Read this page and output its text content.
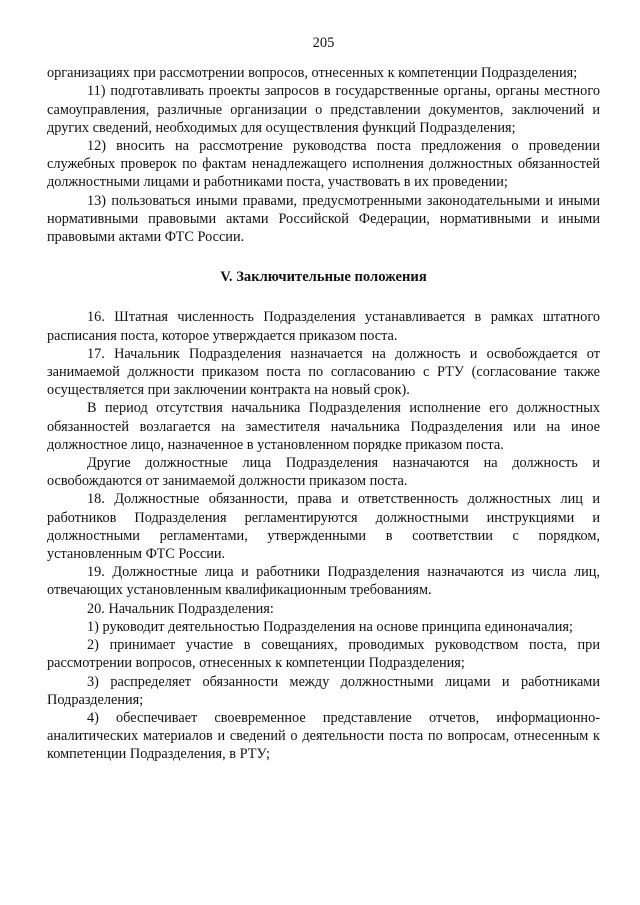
205

организациях при рассмотрении вопросов, отнесенных к компетенции Подразделения;

11) подготавливать проекты запросов в государственные органы, органы местного самоуправления, различные организации о представлении документов, заключений и других сведений, необходимых для осуществления функций Подразделения;

12) вносить на рассмотрение руководства поста предложения о проведении служебных проверок по фактам ненадлежащего исполнения должностных обязанностей должностными лицами и работниками поста, участвовать в их проведении;

13) пользоваться иными правами, предусмотренными законодательными и иными нормативными правовыми актами Российской Федерации, нормативными и иными правовыми актами ФТС России.

V. Заключительные положения

16. Штатная численность Подразделения устанавливается в рамках штатного расписания поста, которое утверждается приказом поста.

17. Начальник Подразделения назначается на должность и освобождается от занимаемой должности приказом поста по согласованию с РТУ (согласование также осуществляется при заключении контракта на новый срок).

В период отсутствия начальника Подразделения исполнение его должностных обязанностей возлагается на заместителя начальника Подразделения или на иное должностное лицо, назначенное в установленном порядке приказом поста.

Другие должностные лица Подразделения назначаются на должность и освобождаются от занимаемой должности приказом поста.

18. Должностные обязанности, права и ответственность должностных лиц и работников Подразделения регламентируются должностными инструкциями и должностными регламентами, утвержденными в соответствии с порядком, установленным ФТС России.

19. Должностные лица и работники Подразделения назначаются из числа лиц, отвечающих установленным квалификационным требованиям.

20. Начальник Подразделения:

1) руководит деятельностью Подразделения на основе принципа единоначалия;

2) принимает участие в совещаниях, проводимых руководством поста, при рассмотрении вопросов, отнесенных к компетенции Подразделения;

3) распределяет обязанности между должностными лицами и работниками Подразделения;

4) обеспечивает своевременное представление отчетов, информационно-аналитических материалов и сведений о деятельности поста по вопросам, отнесенным к компетенции Подразделения, в РТУ;
